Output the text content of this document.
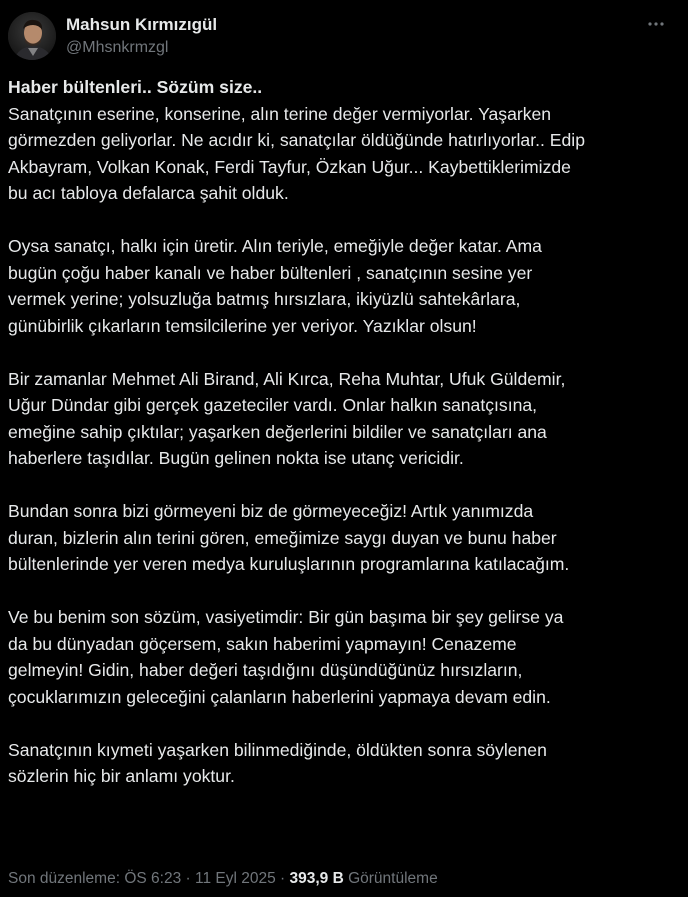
Mahsun Kırmızıgül
@Mhsnkrmzgl
Haber bültenleri.. Sözüm size..
Sanatçının eserine, konserine, alın terine değer vermiyorlar. Yaşarken
görmezden geliyorlar. Ne acıdır ki, sanatçılar öldüğünde hatırlıyorlar.. Edip
Akbayram, Volkan Konak, Ferdi Tayfur, Özkan Uğur... Kaybettiklerimizde
bu acı tabloya defalarca şahit olduk.
Oysa sanatçı, halkı için üretir. Alın teriyle, emeğiyle değer katar. Ama
bugün çoğu haber kanalı ve haber bültenleri , sanatçının sesine yer
vermek yerine; yolsuzluğa batmış hırsızlara, ikiyüzlü sahtekârlara,
günübirlik çıkarların temsilcilerine yer veriyor. Yazıklar olsun!
Bir zamanlar Mehmet Ali Birand, Ali Kırca, Reha Muhtar, Ufuk Güldemir,
Uğur Dündar gibi gerçek gazeteciler vardı. Onlar halkın sanatçısına,
emeğine sahip çıktılar; yaşarken değerlerini bildiler ve sanatçıları ana
haberlere taşıdılar. Bugün gelinen nokta ise utanç vericidir.
Bundan sonra bizi görmeyeni biz de görmeyeceğiz! Artık yanımızda
duran, bizlerin alın terini gören, emeğimize saygı duyan ve bunu haber
bültenlerinde yer veren medya kuruluşlarının programlarına katılacağım.
Ve bu benim son sözüm, vasiyetimdir: Bir gün başıma bir şey gelirse ya
da bu dünyadan göçersem, sakın haberimi yapmayın! Cenazeme
gelmeyin! Gidin, haber değeri taşıdığını düşündüğünüz hırsızların,
çocuklarımızın geleceğini çalanların haberlerini yapmaya devam edin.
Sanatçının kıymeti yaşarken bilinmediğinde, öldükten sonra söylenen
sözlerin hiç bir anlamı yoktur.
Son düzenleme: ÖS 6:23 · 11 Eyl 2025 · 393,9 B Görüntüleme
